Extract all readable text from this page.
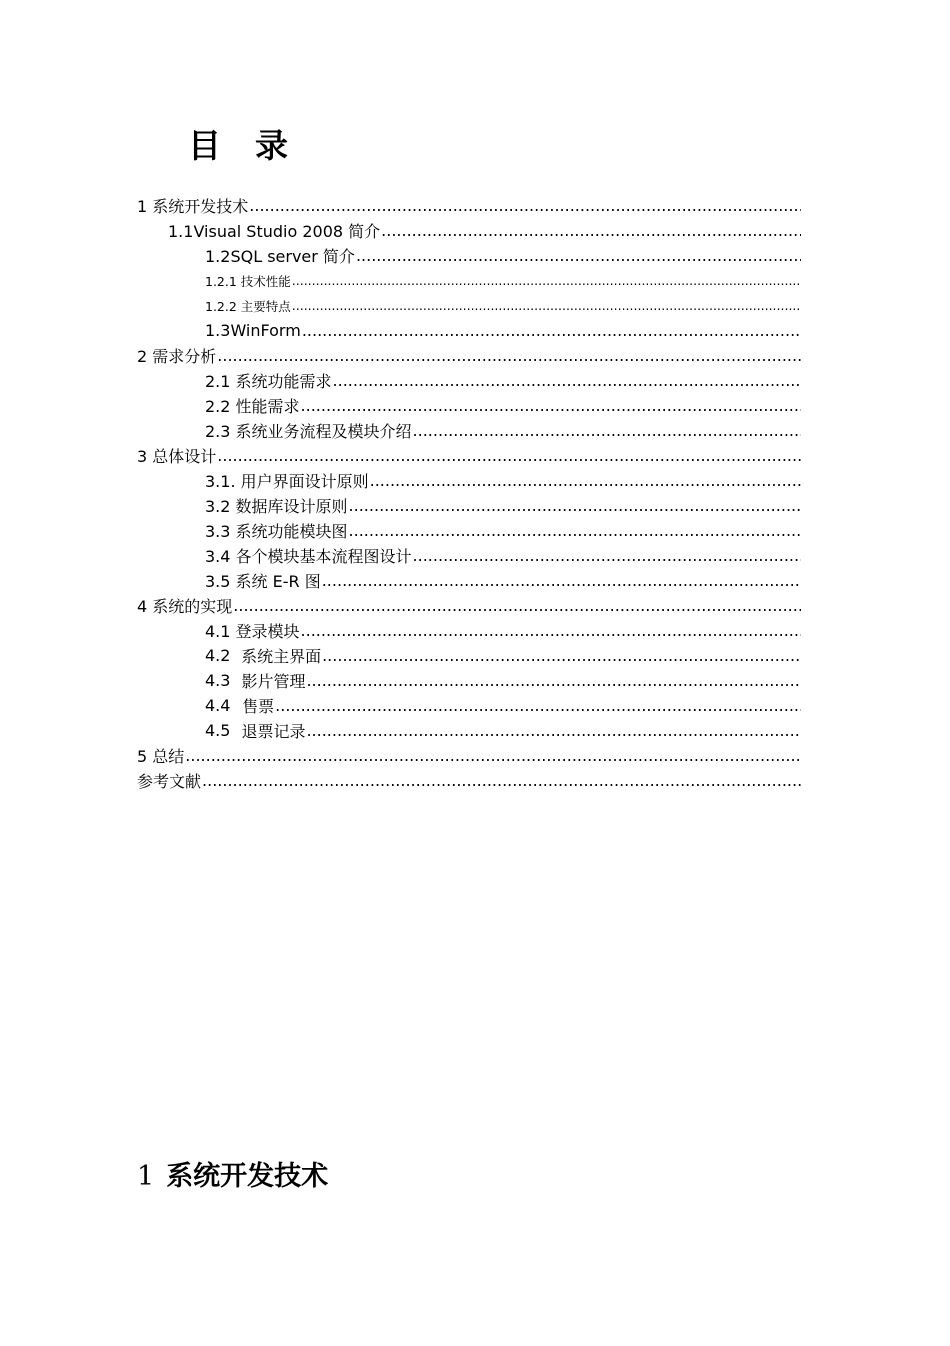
目 录
1 系统开发技术
.....
1.1Visual Studio 2008 简介
.....
1.2SQL server 简介
.....
1.2.1 技术性能
.....
1.2.2 主要特点
.....
1.3WinForm
.....
2 需求分析
.....
2.1 系统功能需求
.....
2.2 性能需求
.....
2.3 系统业务流程及模块介绍
.....
3 总体设计
.....
3.1. 用户界面设计原则
.....
3.2 数据库设计原则
.....
3.3 系统功能模块图
.....
3.4 各个模块基本流程图设计
.....
3.5 系统 E-R 图
.....
4 系统的实现
.....
4.1 登录模块
.....
4.2 系统主界面
.....
4.3 影片管理
.....
4.4 售票
.....
4.5 退票记录
.....
5 总结
.....
参考文献
.....
1 系统开发技术
